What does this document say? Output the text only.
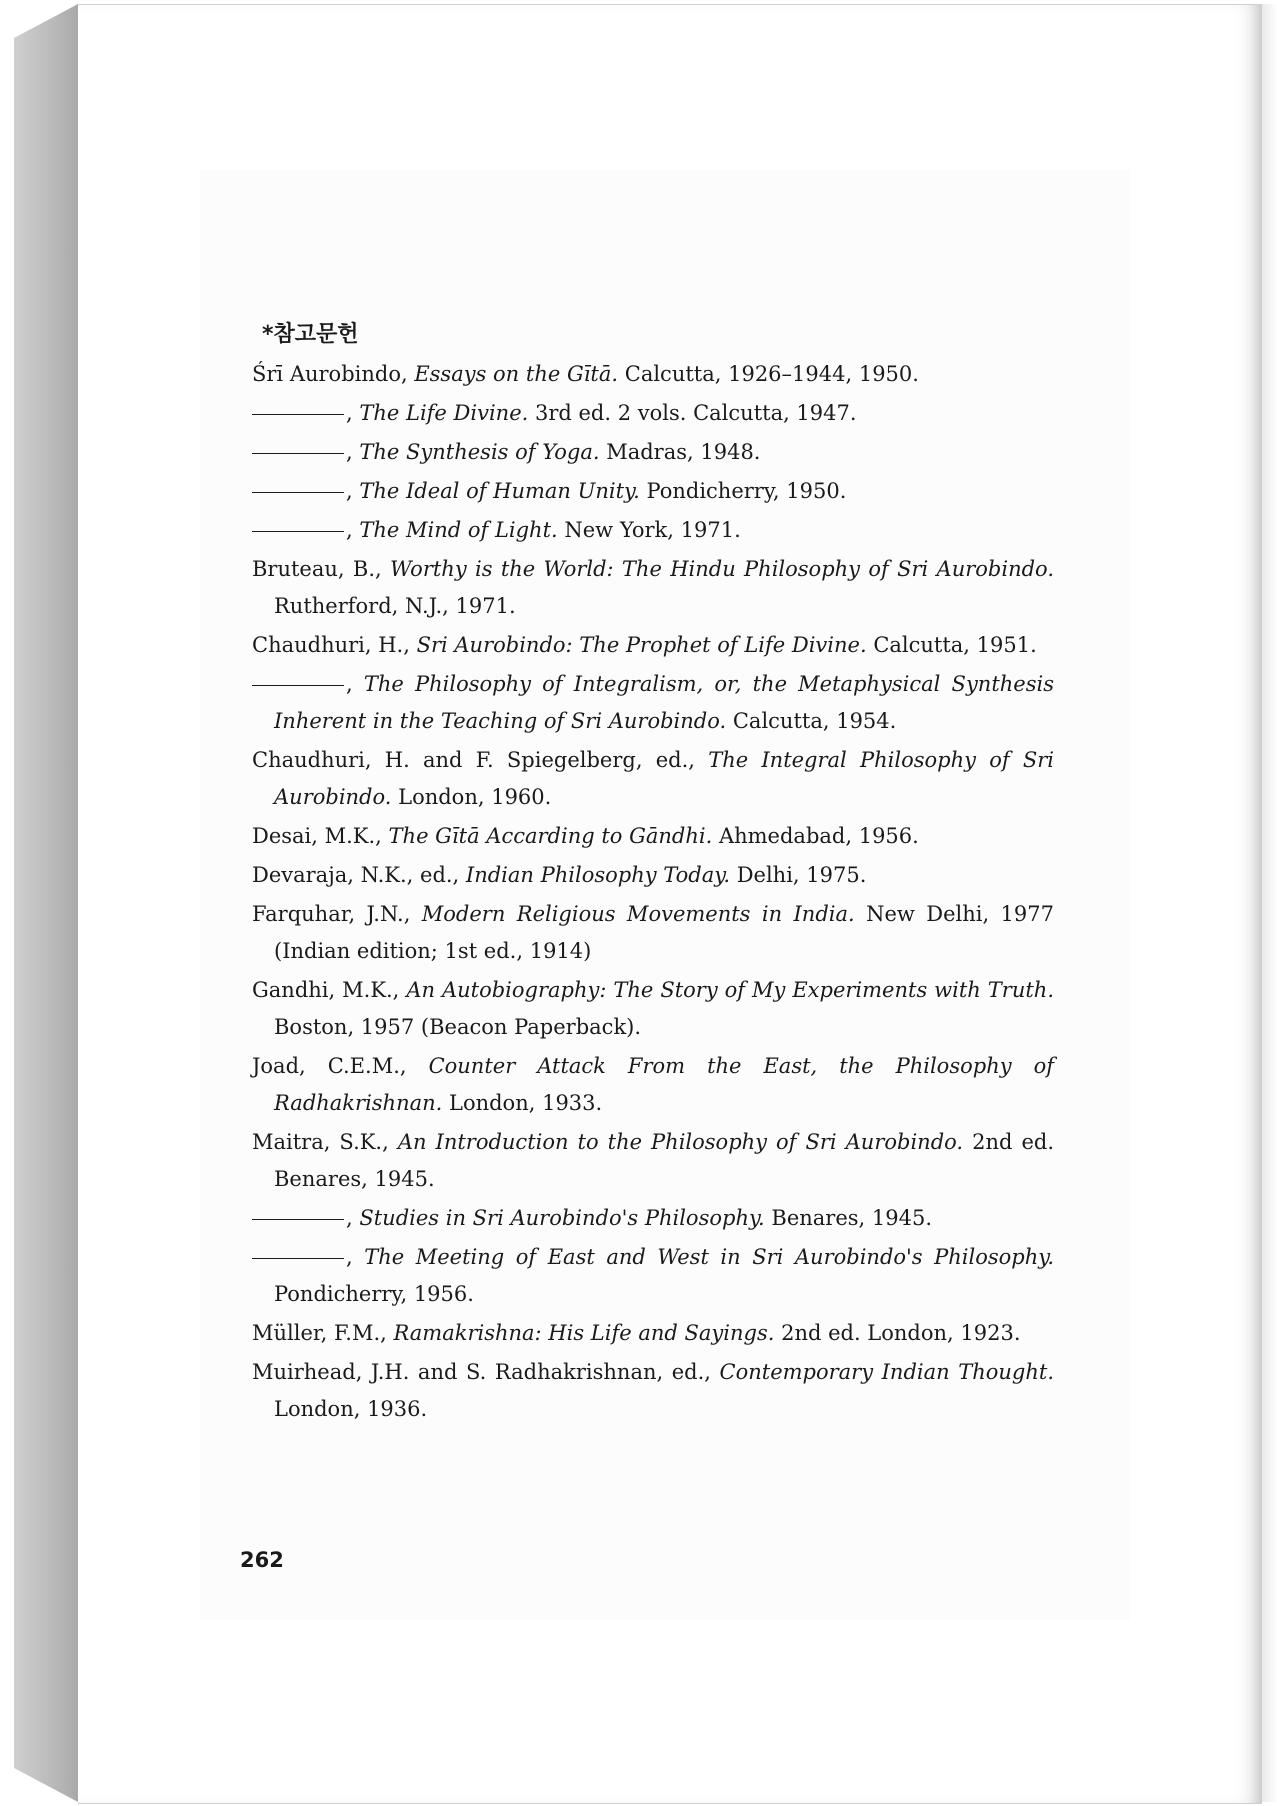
*참고문헌

Śrī Aurobindo, Essays on the Gītā. Calcutta, 1926–1944, 1950.

, The Life Divine. 3rd ed. 2 vols. Calcutta, 1947.

, The Synthesis of Yoga. Madras, 1948.

, The Ideal of Human Unity. Pondicherry, 1950.

, The Mind of Light. New York, 1971.

Bruteau, B., Worthy is the World: The Hindu Philosophy of Sri Aurobindo. Rutherford, N.J., 1971.

Chaudhuri, H., Sri Aurobindo: The Prophet of Life Divine. Calcutta, 1951.

, The Philosophy of Integralism, or, the Metaphysical Synthesis Inherent in the Teaching of Sri Aurobindo. Calcutta, 1954.

Chaudhuri, H. and F. Spiegelberg, ed., The Integral Philosophy of Sri Aurobindo. London, 1960.

Desai, M.K., The Gītā Accarding to Gāndhi. Ahmedabad, 1956.

Devaraja, N.K., ed., Indian Philosophy Today. Delhi, 1975.

Farquhar, J.N., Modern Religious Movements in India. New Delhi, 1977 (Indian edition; 1st ed., 1914)

Gandhi, M.K., An Autobiography: The Story of My Experiments with Truth. Boston, 1957 (Beacon Paperback).

Joad, C.E.M., Counter Attack From the East, the Philosophy of Radhakrishnan. London, 1933.

Maitra, S.K., An Introduction to the Philosophy of Sri Aurobindo. 2nd ed. Benares, 1945.

, Studies in Sri Aurobindo's Philosophy. Benares, 1945.

, The Meeting of East and West in Sri Aurobindo's Philosophy. Pondicherry, 1956.

Müller, F.M., Ramakrishna: His Life and Sayings. 2nd ed. London, 1923.

Muirhead, J.H. and S. Radhakrishnan, ed., Contemporary Indian Thought. London, 1936.

262
